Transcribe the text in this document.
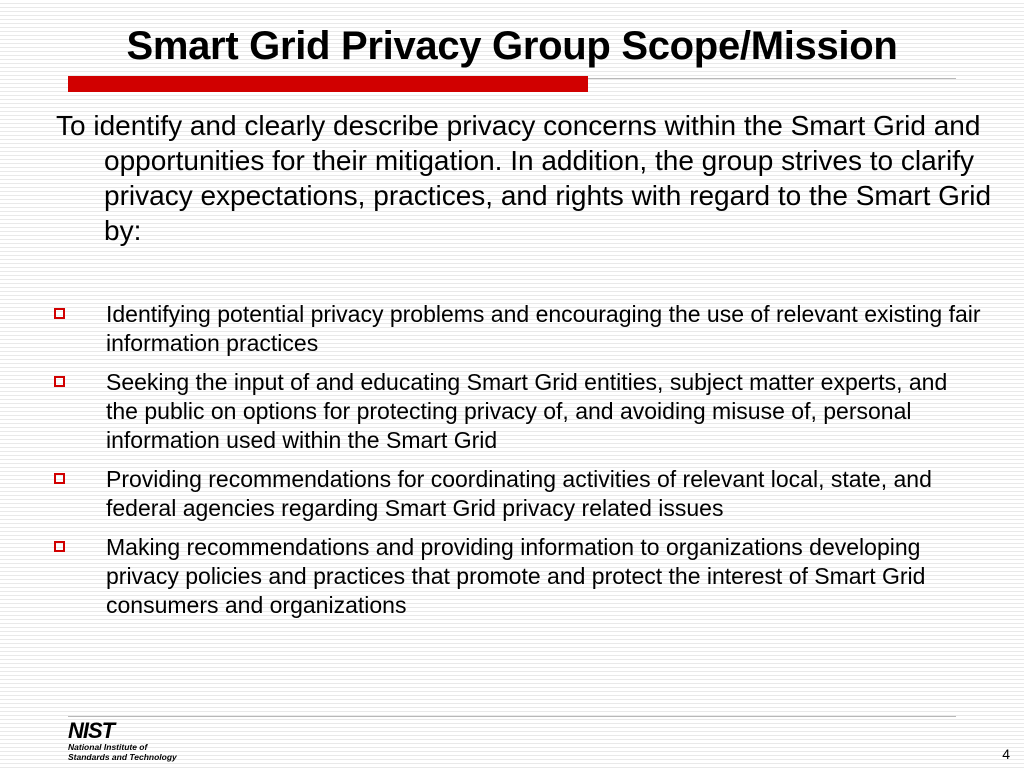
Smart Grid Privacy Group Scope/Mission

To identify and clearly describe privacy concerns within the Smart Grid and opportunities for their mitigation. In addition, the group strives to clarify privacy expectations, practices, and rights with regard to the Smart Grid by:

Identifying potential privacy problems and encouraging the use of relevant existing fair information practices
Seeking the input of and educating Smart Grid entities, subject matter experts, and the public on options for protecting privacy of, and avoiding misuse of, personal information used within the Smart Grid
Providing recommendations for coordinating activities of relevant local, state, and federal agencies regarding Smart Grid privacy related issues
Making recommendations and providing information to organizations developing privacy policies and practices that promote and protect the interest of Smart Grid consumers and organizations
NIST
National Institute of
Standards and Technology	4
